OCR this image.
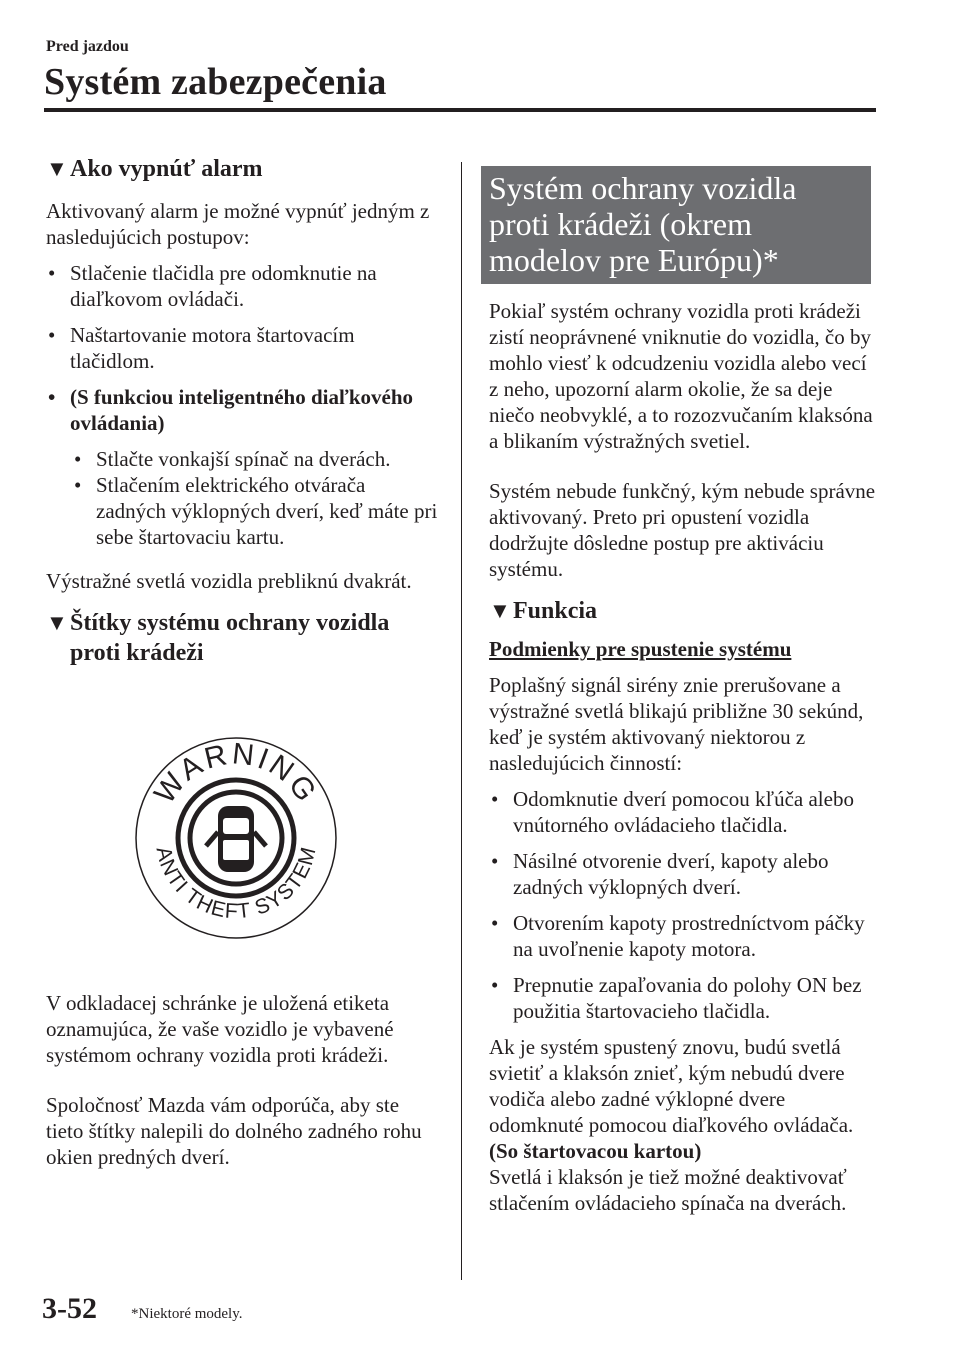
Pred jazdou
Systém zabezpečenia
▼ Ako vypnúť alarm

Aktivovaný alarm je možné vypnúť jedným z nasledujúcich postupov:

• Stlačenie tlačidla pre odomknutie na diaľkovom ovládači.
• Naštartovanie motora štartovacím tlačidlom.
• (S funkciou inteligentného diaľkového ovládania)
• Stlačte vonkajší spínač na dverách.
• Stlačením elektrického otvárača zadných výklopných dverí, keď máte pri sebe štartovaciu kartu.

Výstražné svetlá vozidla prebliknú dvakrát.

▼ Štítky systému ochrany vozidla
proti krádeži
WARNING
ANTI THEFT SYSTEM

V odkladacej schránke je uložená etiketa oznamujúca, že vaše vozidlo je vybavené systémom ochrany vozidla proti krádeži.

Spoločnosť Mazda vám odporúča, aby ste tieto štítky nalepili do dolného zadného rohu okien predných dverí.

Systém ochrany vozidla proti krádeži (okrem modelov pre Európu)*

Pokiaľ systém ochrany vozidla proti krádeži zistí neoprávnené vniknutie do vozidla, čo by mohlo viesť k odcudzeniu vozidla alebo vecí z neho, upozorní alarm okolie, že sa deje niečo neobvyklé, a to rozozvučaním klaksóna a blikaním výstražných svetiel.

Systém nebude funkčný, kým nebude správne aktivovaný. Preto pri opustení vozidla dodržujte dôsledne postup pre aktiváciu systému.

▼ Funkcia

Podmienky pre spustenie systému

Poplašný signál sirény znie prerušovane a výstražné svetlá blikajú približne 30 sekúnd, keď je systém aktivovaný niektorou z nasledujúcich činností:

• Odomknutie dverí pomocou kľúča alebo vnútorného ovládacieho tlačidla.
• Násilné otvorenie dverí, kapoty alebo zadných výklopných dverí.
• Otvorením kapoty prostredníctvom páčky na uvoľnenie kapoty motora.
• Prepnutie zapaľovania do polohy ON bez použitia štartovacieho tlačidla.

Ak je systém spustený znovu, budú svetlá svietiť a klaksón znieť, kým nebudú dvere vodiča alebo zadné výklopné dvere odomknuté pomocou diaľkového ovládača.

(So štartovacou kartou)

Svetlá i klaksón je tiež možné deaktivovať stlačením ovládacieho spínača na dverách.

3-52 *Niektoré modely.
